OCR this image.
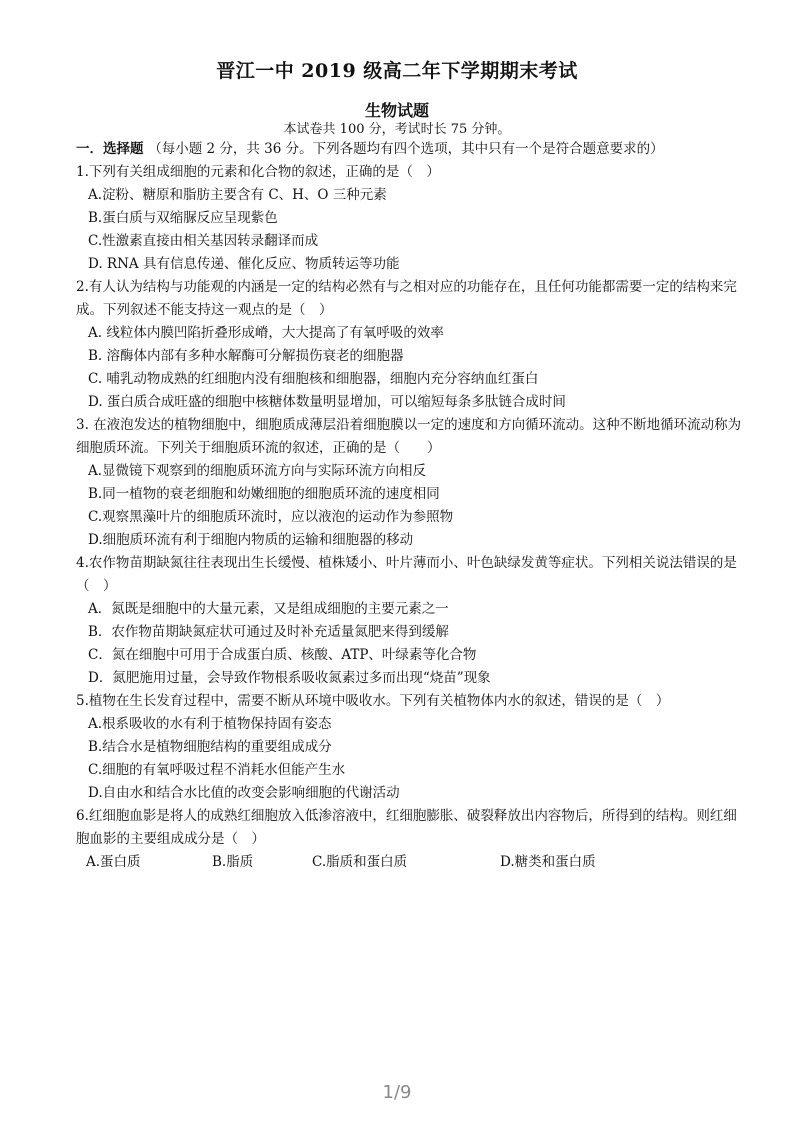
晋江一中 2019 级高二年下学期期末考试
生物试题
本试卷共 100 分，考试时长 75 分钟。

一．选择题 （每小题 2 分，共 36 分。下列各题均有四个选项，其中只有一个是符合题意要求的）

1.下列有关组成细胞的元素和化合物的叙述，正确的是（　）

A.淀粉、糖原和脂肪主要含有 C、H、O 三种元素

B.蛋白质与双缩脲反应呈现紫色

C.性激素直接由相关基因转录翻译而成

D. RNA 具有信息传递、催化反应、物质转运等功能

2.有人认为结构与功能观的内涵是一定的结构必然有与之相对应的功能存在，且任何功能都需要一定的结构来完成。下列叙述不能支持这一观点的是（　）

A. 线粒体内膜凹陷折叠形成嵴，大大提高了有氧呼吸的效率

B. 溶酶体内部有多种水解酶可分解损伤衰老的细胞器

C. 哺乳动物成熟的红细胞内没有细胞核和细胞器，细胞内充分容纳血红蛋白

D. 蛋白质合成旺盛的细胞中核糖体数量明显增加，可以缩短每条多肽链合成时间

3. 在液泡发达的植物细胞中，细胞质成薄层沿着细胞膜以一定的速度和方向循环流动。这种不断地循环流动称为细胞质环流。下列关于细胞质环流的叙述，正确的是（　　）

A.显微镜下观察到的细胞质环流方向与实际环流方向相反

B.同一植物的衰老细胞和幼嫩细胞的细胞质环流的速度相同

C.观察黑藻叶片的细胞质环流时，应以液泡的运动作为参照物

D.细胞质环流有利于细胞内物质的运输和细胞器的移动

4.农作物苗期缺氮往往表现出生长缓慢、植株矮小、叶片薄而小、叶色缺绿发黄等症状。下列相关说法错误的是（　）

A．氮既是细胞中的大量元素，又是组成细胞的主要元素之一

B．农作物苗期缺氮症状可通过及时补充适量氮肥来得到缓解

C．氮在细胞中可用于合成蛋白质、核酸、ATP、叶绿素等化合物

D．氮肥施用过量，会导致作物根系吸收氮素过多而出现“烧苗”现象

5.植物在生长发育过程中，需要不断从环境中吸收水。下列有关植物体内水的叙述，错误的是（　）

A.根系吸收的水有利于植物保持固有姿态

B.结合水是植物细胞结构的重要组成成分

C.细胞的有氧呼吸过程不消耗水但能产生水

D.自由水和结合水比值的改变会影响细胞的代谢活动

6.红细胞血影是将人的成熟红细胞放入低渗溶液中，红细胞膨胀、破裂释放出内容物后，所得到的结构。则红细胞血影的主要组成成分是（　）

A.蛋白质	B.脂质	C.脂质和蛋白质	D.糖类和蛋白质
1/9
